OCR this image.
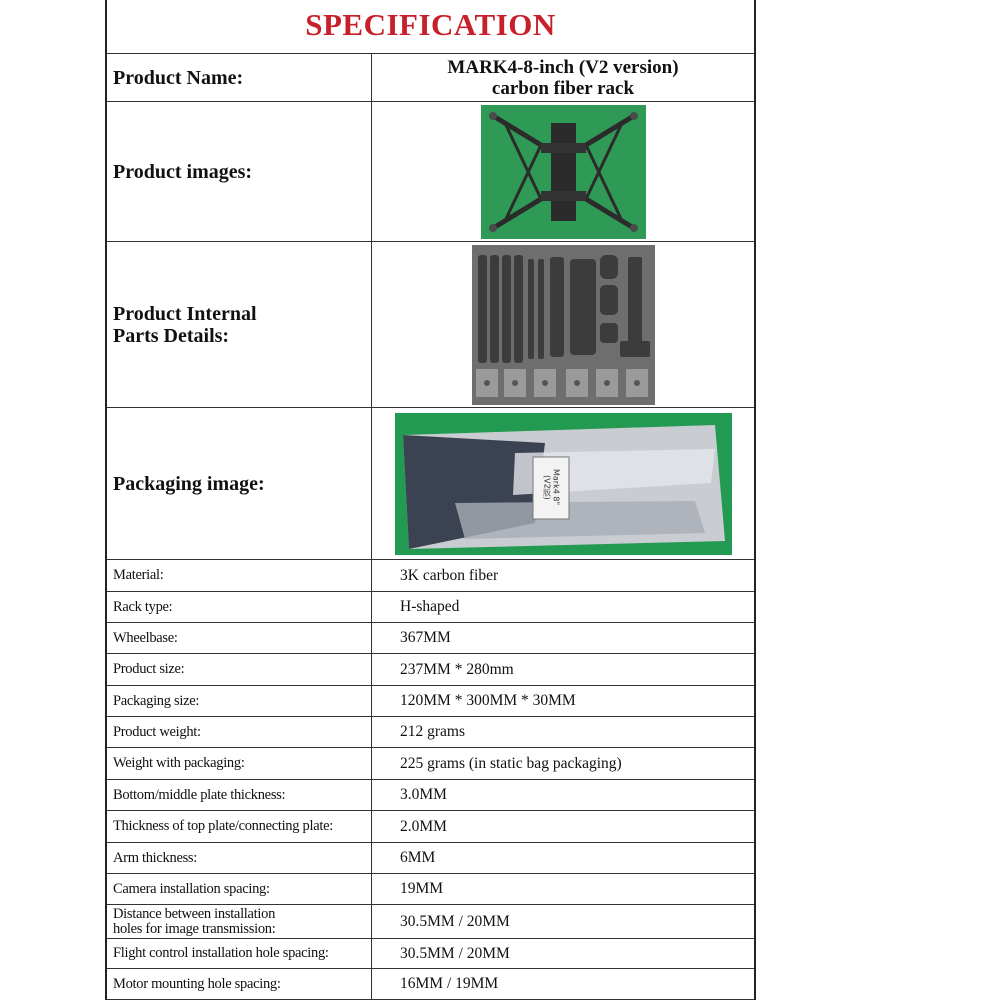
SPECIFICATION
Product Name:	MARK4-8-inch (V2 version)
carbon fiber rack
Product images:
Product Internal
Parts Details:
Packaging image:	Mark4 8"
(V2版)
Material:	3K carbon fiber
Rack type:	H-shaped
Wheelbase:	367MM
Product size:	237MM * 280mm
Packaging size:	120MM * 300MM * 30MM
Product weight:	212 grams
Weight with packaging:	225 grams (in static bag packaging)
Bottom/middle plate thickness:	3.0MM
Thickness of top plate/connecting plate:	2.0MM
Arm thickness:	6MM
Camera installation spacing:	19MM
Distance between installation
holes for image transmission:	30.5MM / 20MM
Flight control installation hole spacing:	30.5MM / 20MM
Motor mounting hole spacing:	16MM / 19MM
